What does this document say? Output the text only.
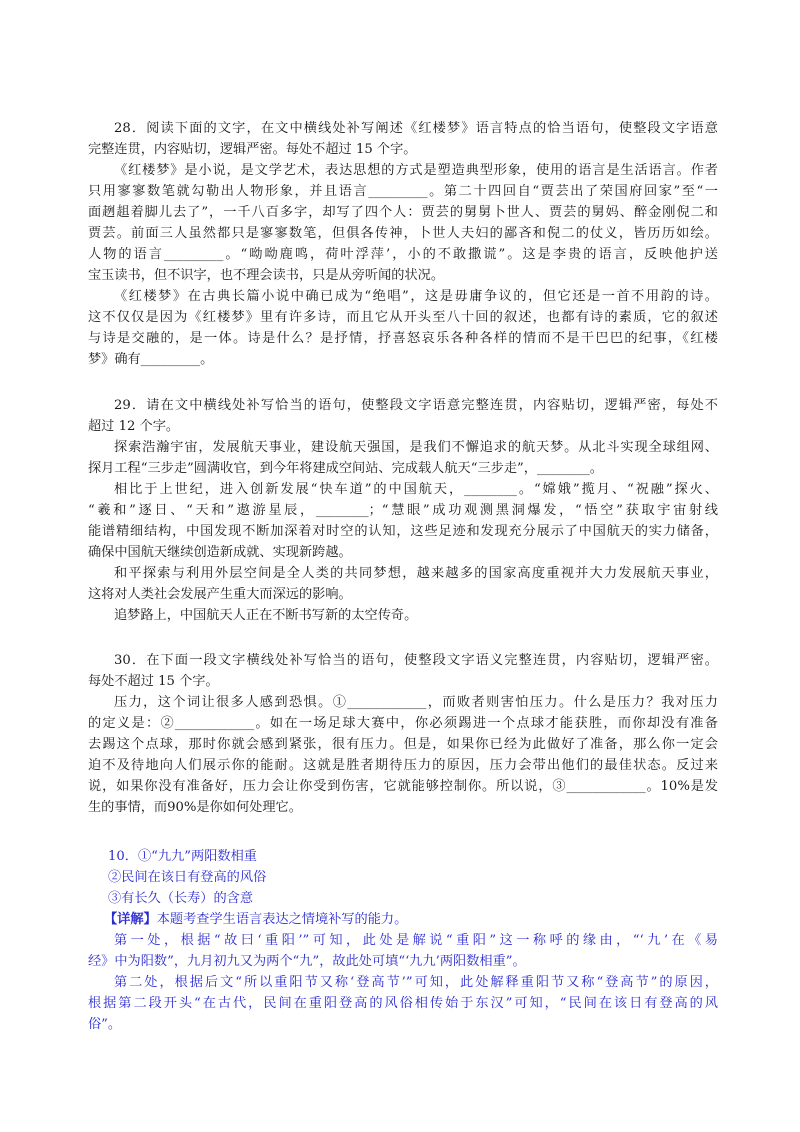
28．阅读下面的文字，在文中横线处补写阐述《红楼梦》语言特点的恰当语句，使整段文字语意
完整连贯，内容贴切，逻辑严密。每处不超过 15 个字。
《红楼梦》是小说，是文学艺术，表达思想的方式是塑造典型形象，使用的语言是生活语言。作者
只用寥寥数笔就勾勒出人物形象，并且语言_________。第二十四回自“贾芸出了荣国府回家”至“一
面趔趄着脚儿去了”，一千八百多字，却写了四个人：贾芸的舅舅卜世人、贾芸的舅妈、醉金刚倪二和
贾芸。前面三人虽然都只是寥寥数笔，但俱各传神，卜世人夫妇的鄙吝和倪二的仗义，皆历历如绘。
人物的语言_________。“呦呦鹿鸣，荷叶浮萍’，小的不敢撒谎”。这是李贵的语言，反映他护送
宝玉读书，但不识字，也不理会读书，只是从旁听闻的状况。
《红楼梦》在古典长篇小说中确已成为“绝唱”，这是毋庸争议的，但它还是一首不用韵的诗。
这不仅仅是因为《红楼梦》里有许多诗，而且它从开头至八十回的叙述，也都有诗的素质，它的叙述
与诗是交融的，是一体。诗是什么？是抒情，抒喜怒哀乐各种各样的情而不是干巴巴的纪事，《红楼
梦》确有_________。
29．请在文中横线处补写恰当的语句，使整段文字语意完整连贯，内容贴切，逻辑严密，每处不
超过 12 个字。
探索浩瀚宇宙，发展航天事业，建设航天强国，是我们不懈追求的航天梦。从北斗实现全球组网、
探月工程“三步走”圆满收官，到今年将建成空间站、完成载人航天“三步走”，________。
相比于上世纪，进入创新发展“快车道”的中国航天，________。“嫦娥”揽月、“祝融”探火、
“羲和”逐日、“天和”遨游星辰，________；“慧眼”成功观测黑洞爆发，“悟空”获取宇宙射线
能谱精细结构，中国发现不断加深着对时空的认知，这些足迹和发现充分展示了中国航天的实力储备，
确保中国航天继续创造新成就、实现新跨越。
和平探索与利用外层空间是全人类的共同梦想，越来越多的国家高度重视并大力发展航天事业，
这将对人类社会发展产生重大而深远的影响。
追梦路上，中国航天人正在不断书写新的太空传奇。
30．在下面一段文字横线处补写恰当的语句，使整段文字语义完整连贯，内容贴切，逻辑严密。
每处不超过 15 个字。
压力，这个词让很多人感到恐惧。①____________，而败者则害怕压力。什么是压力？我对压力
的定义是：②____________。如在一场足球大赛中，你必须踢进一个点球才能获胜，而你却没有准备
去踢这个点球，那时你就会感到紧张，很有压力。但是，如果你已经为此做好了准备，那么你一定会
迫不及待地向人们展示你的能耐。这就是胜者期待压力的原因，压力会带出他们的最佳状态。反过来
说，如果你没有准备好，压力会让你受到伤害，它就能够控制你。所以说，③____________。10%是发
生的事情，而90%是你如何处理它。
10．①“九九”两阳数相重
②民间在该日有登高的风俗
③有长久（长寿）的含意
【详解】本题考查学生语言表达之情境补写的能力。
第一处，根据“故曰‘重阳’”可知，此处是解说“重阳”这一称呼的缘由，“‘九’在《易
经》中为阳数”，九月初九又为两个“九”，故此处可填“‘九九’两阳数相重”。
第二处，根据后文“所以重阳节又称‘登高节’”可知，此处解释重阳节又称“登高节”的原因，
根据第二段开头“在古代，民间在重阳登高的风俗相传始于东汉”可知，“民间在该日有登高的风
俗”。
